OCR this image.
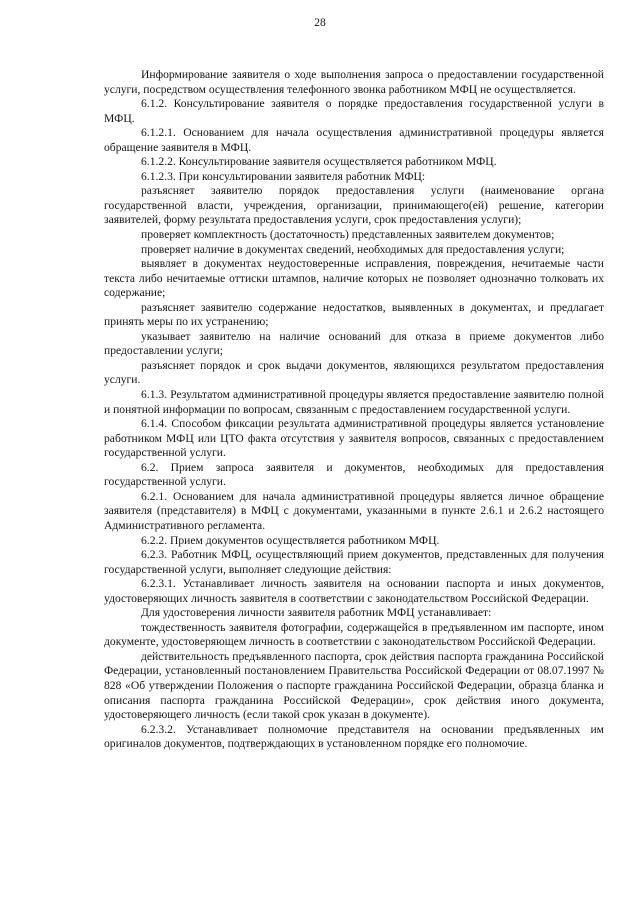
28

Информирование заявителя о ходе выполнения запроса о предоставлении государственной услуги, посредством осуществления телефонного звонка работником МФЦ не осуществляется.

6.1.2. Консультирование заявителя о порядке предоставления государственной услуги в МФЦ.

6.1.2.1. Основанием для начала осуществления административной процедуры является обращение заявителя в МФЦ.

6.1.2.2. Консультирование заявителя осуществляется работником МФЦ.

6.1.2.3. При консультировании заявителя работник МФЦ:

разъясняет заявителю порядок предоставления услуги (наименование органа государственной власти, учреждения, организации, принимающего(ей) решение, категории заявителей, форму результата предоставления услуги, срок предоставления услуги);

проверяет комплектность (достаточность) представленных заявителем документов;

проверяет наличие в документах сведений, необходимых для предоставления услуги;

выявляет в документах неудостоверенные исправления, повреждения, нечитаемые части текста либо нечитаемые оттиски штампов, наличие которых не позволяет однозначно толковать их содержание;

разъясняет заявителю содержание недостатков, выявленных в документах, и предлагает принять меры по их устранению;

указывает заявителю на наличие оснований для отказа в приеме документов либо предоставлении услуги;

разъясняет порядок и срок выдачи документов, являющихся результатом предоставления услуги.

6.1.3. Результатом административной процедуры является предоставление заявителю полной и понятной информации по вопросам, связанным с предоставлением государственной услуги.

6.1.4. Способом фиксации результата административной процедуры является установление работником МФЦ или ЦТО факта отсутствия у заявителя вопросов, связанных с предоставлением государственной услуги.

6.2. Прием запроса заявителя и документов, необходимых для предоставления государственной услуги.

6.2.1. Основанием для начала административной процедуры является личное обращение заявителя (представителя) в МФЦ с документами, указанными в пункте 2.6.1 и 2.6.2 настоящего Административного регламента.

6.2.2. Прием документов осуществляется работником МФЦ.

6.2.3. Работник МФЦ, осуществляющий прием документов, представленных для получения государственной услуги, выполняет следующие действия:

6.2.3.1. Устанавливает личность заявителя на основании паспорта и иных документов, удостоверяющих личность заявителя в соответствии с законодательством Российской Федерации.

Для удостоверения личности заявителя работник МФЦ устанавливает:

тождественность заявителя фотографии, содержащейся в предъявленном им паспорте, ином документе, удостоверяющем личность в соответствии с законодательством Российской Федерации.

действительность предъявленного паспорта, срок действия паспорта гражданина Российской Федерации, установленный постановлением Правительства Российской Федерации от 08.07.1997 № 828 «Об утверждении Положения о паспорте гражданина Российской Федерации, образца бланка и описания паспорта гражданина Российской Федерации», срок действия иного документа, удостоверяющего личность (если такой срок указан в документе).

6.2.3.2. Устанавливает полномочие представителя на основании предъявленных им оригиналов документов, подтверждающих в установленном порядке его полномочие.
